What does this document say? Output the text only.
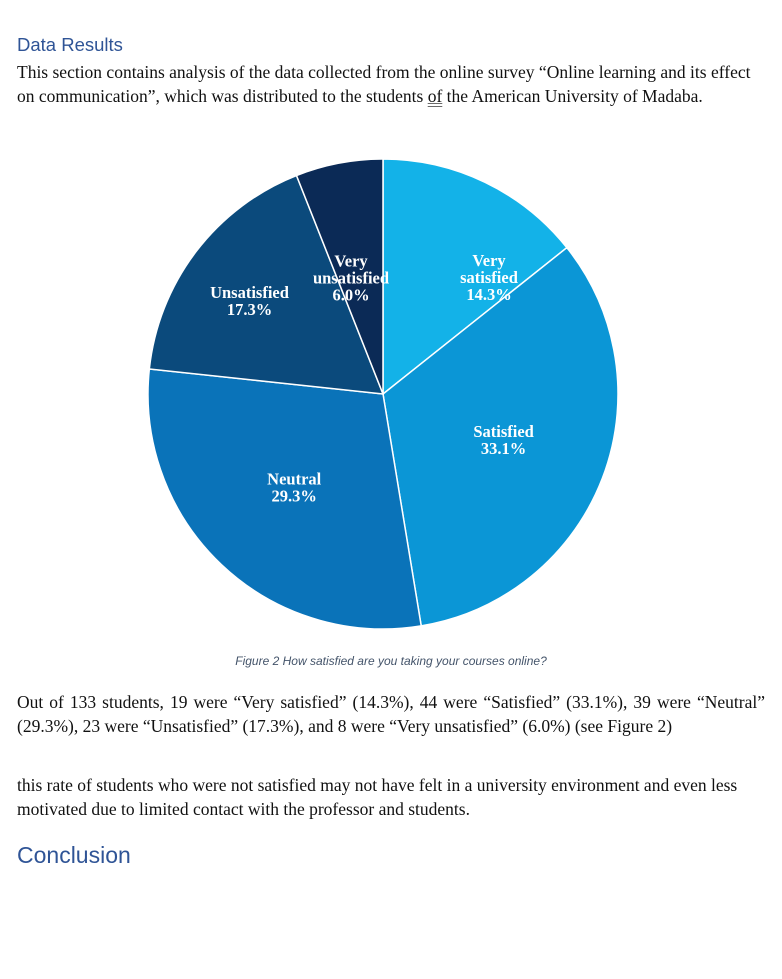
Data Results

This section contains analysis of the data collected from the online survey “Online learning and its effect on communication”, which was distributed to the students of the American University of Madaba.

Very satisfied 14.3%
Satisfied 33.1%
Neutral 29.3%
Unsatisfied 17.3%
Very unsatisfied 6.0%

Figure 2 How satisfied are you taking your courses online?

Out of 133 students, 19 were “Very satisfied” (14.3%), 44 were “Satisfied” (33.1%), 39 were “Neutral” (29.3%), 23 were “Unsatisfied” (17.3%), and 8 were “Very unsatisfied” (6.0%) (see Figure 2)

this rate of students who were not satisfied may not have felt in a university environment and even less motivated due to limited contact with the professor and students.

Conclusion
